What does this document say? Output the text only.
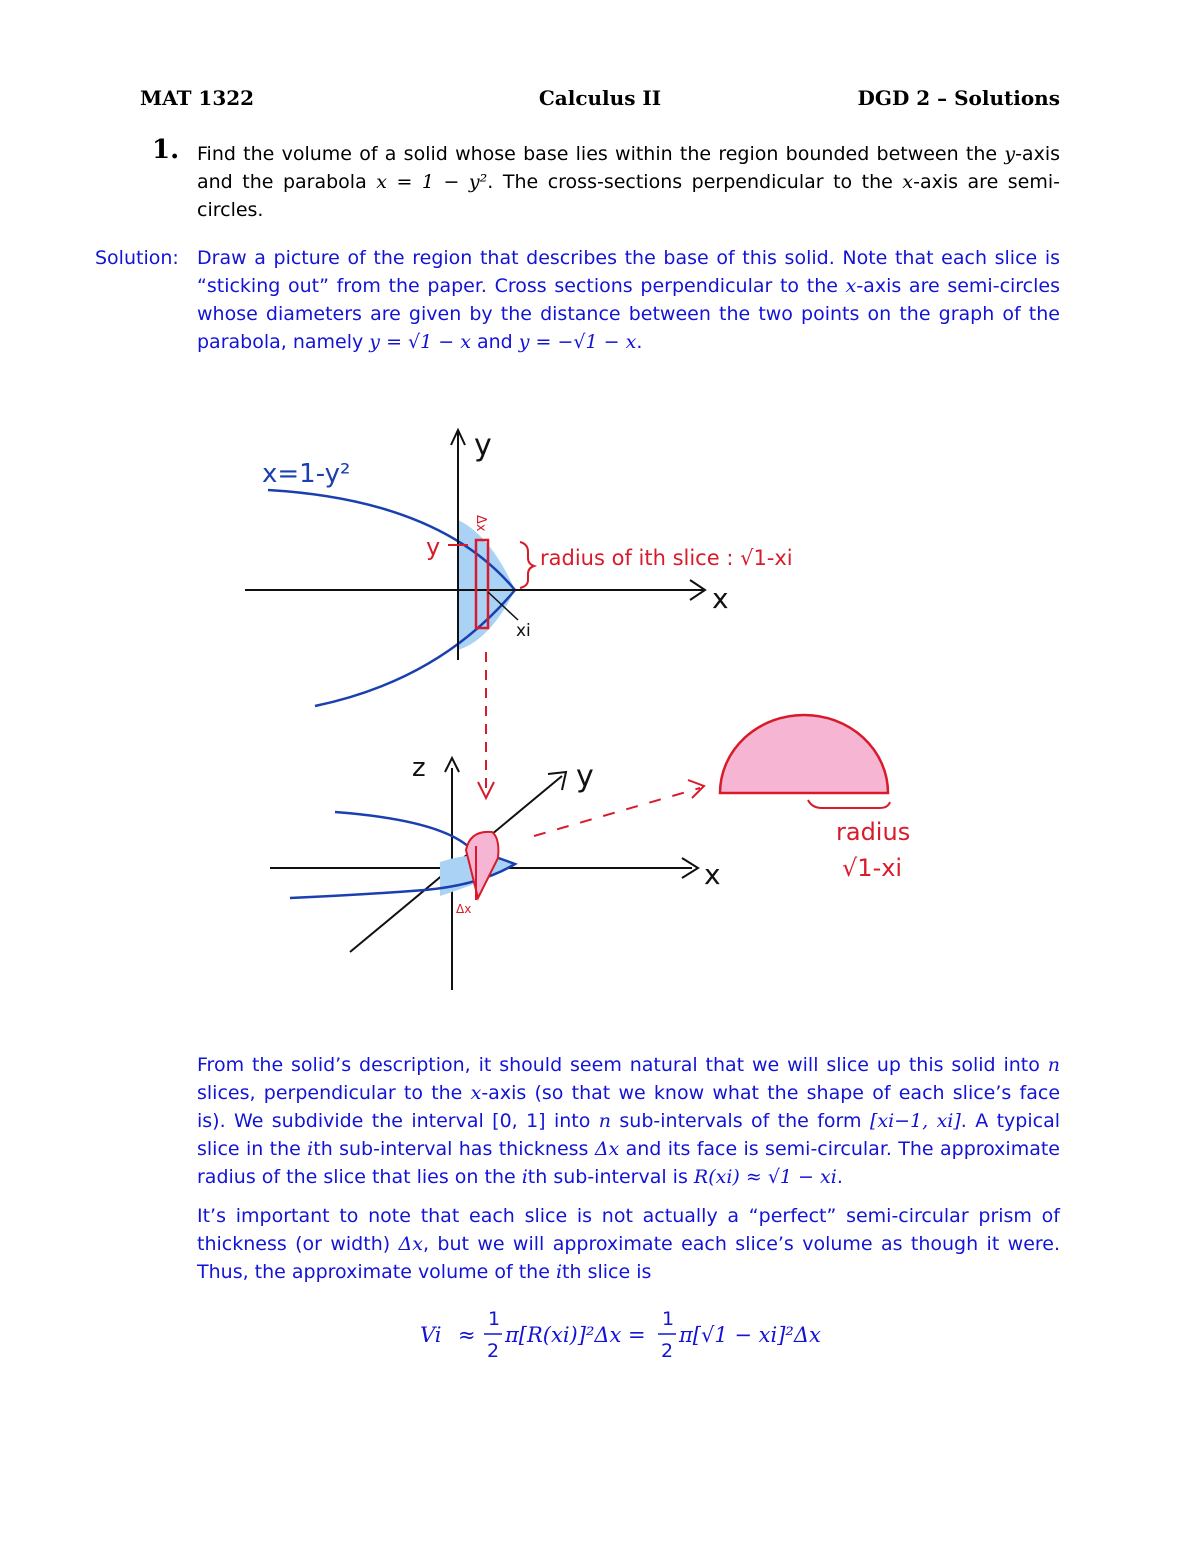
MAT 1322	Calculus II	DGD 2 – Solutions
1. Find the volume of a solid whose base lies within the region bounded between the y-axis and the parabola x = 1 − y². The cross-sections perpendicular to the x-axis are semi-circles.
Solution: Draw a picture of the region that describes the base of this solid. Note that each slice is “sticking out” from the paper. Cross sections perpendicular to the x-axis are semi-circles whose diameters are given by the distance between the two points on the graph of the parabola, namely y = √1 − x and y = −√1 − x.
y
x
x=1-y²
y
Δx
radius of ith slice : √1-xi
xi
z
x
y
Δx
radius
√1-xi
From the solid’s description, it should seem natural that we will slice up this solid into n slices, perpendicular to the x-axis (so that we know what the shape of each slice’s face is). We subdivide the interval [0, 1] into n sub-intervals of the form [xi−1, xi]. A typical slice in the ith sub-interval has thickness Δx and its face is semi-circular. The approximate radius of the slice that lies on the ith sub-interval is R(xi) ≈ √1 − xi.
It’s important to note that each slice is not actually a “perfect” semi-circular prism of thickness (or width) Δx, but we will approximate each slice’s volume as though it were. Thus, the approximate volume of the ith slice is
Vi ≈
1
2
π[R(xi)]²Δx =
1
2
π[√1 − xi]²Δx
